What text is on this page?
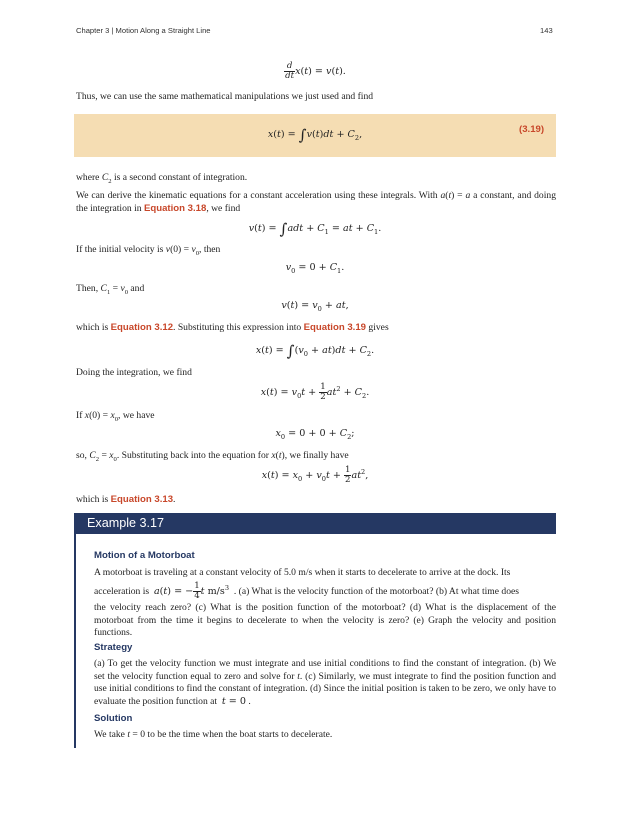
Chapter 3 | Motion Along a Straight Line	143
$\frac{d}{dt} x(t) = v(t)$.
Thus, we can use the same mathematical manipulations we just used and find
$x(t) = \int v(t)dt + C_2$,	(3.19)
where $C_2$ is a second constant of integration.
We can derive the kinematic equations for a constant acceleration using these integrals. With a(t) = a a constant, and doing the integration in Equation 3.18, we find
$v(t) = \int adt + C_1$ = at + $C_1$.
If the initial velocity is $v(0) = v_0$, then
$v_0 = 0 + C_1$.
Then, $C_1 = v_0$ and
$v(t) = v_0$ + at,
which is Equation 3.12. Substituting this expression into Equation 3.19 gives
$x(t) = \int(v_0 + at)dt + C_2$.
Doing the integration, we find
$x(t) = v_0t + \frac{1}{2} at^2 + C_2$.
If $x(0) = x_0$, we have
$x_0 = 0 + 0 + C_2$;
so, $C_2 = x_0$. Substituting back into the equation for x(t), we finally have
$x(t) = x_0 + v_0t + \frac{1}{2} at^2$,
which is Equation 3.13.
Example 3.17
Motion of a Motorboat
A motorboat is traveling at a constant velocity of 5.0 m/s when it starts to decelerate to arrive at the dock. Its
acceleration is a(t) = − $\frac{1}{4}$ t $m/s^3$ . (a) What is the velocity function of the motorboat? (b) At what time does
the velocity reach zero? (c) What is the position function of the motorboat? (d) What is the displacement of the motorboat from the time it begins to decelerate to when the velocity is zero? (e) Graph the velocity and position functions.
Strategy
(a) To get the velocity function we must integrate and use initial conditions to find the constant of integration. (b) We set the velocity function equal to zero and solve for t. (c) Similarly, we must integrate to find the position function and use initial conditions to find the constant of integration. (d) Since the initial position is taken to be zero, we only have to evaluate the position function at t = 0 .
Solution
We take t = 0 to be the time when the boat starts to decelerate.
